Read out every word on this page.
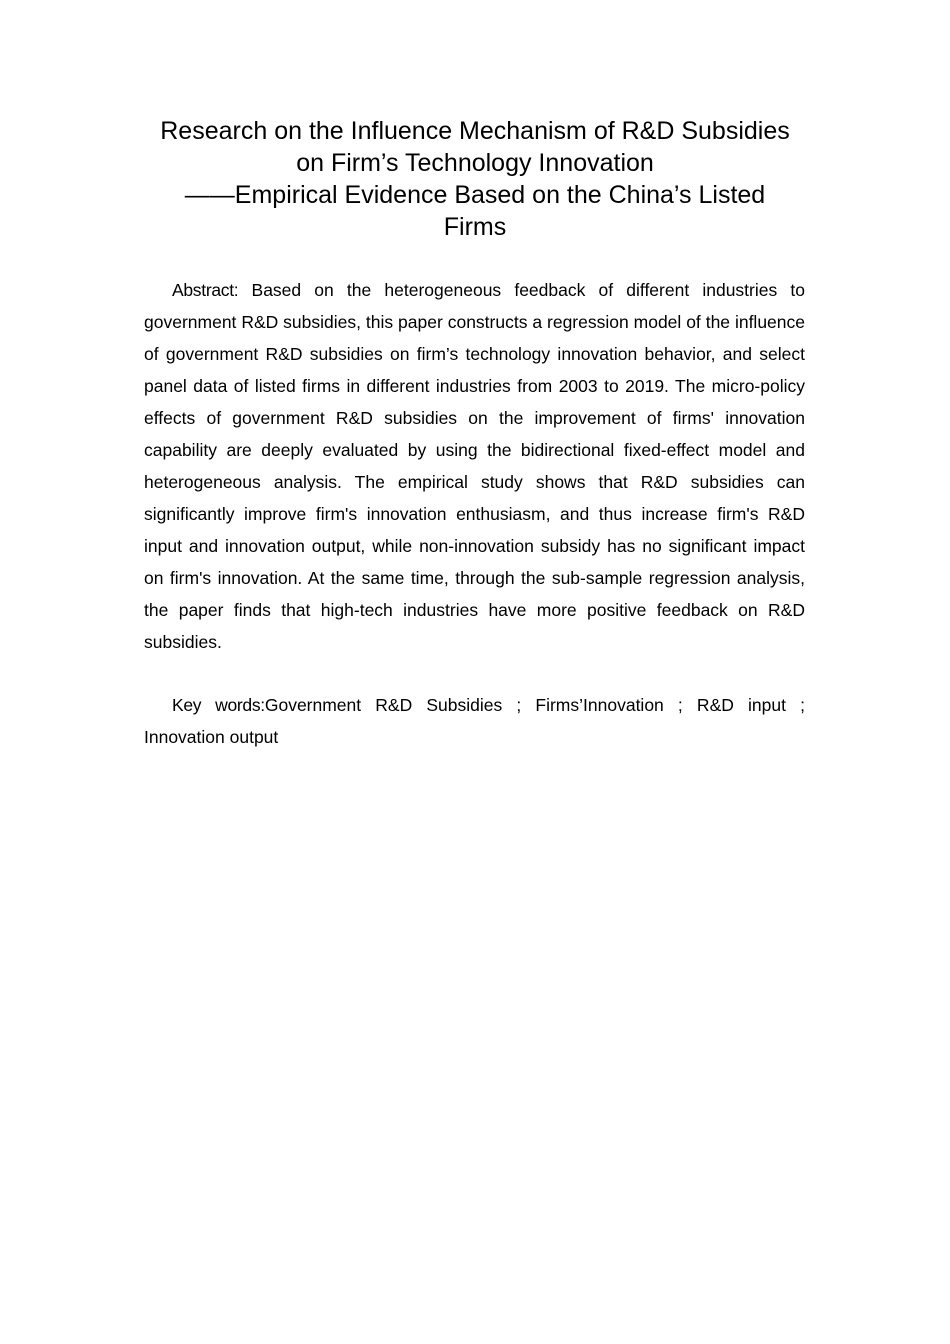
Research on the Influence Mechanism of R&D Subsidies
on Firm’s Technology Innovation
——Empirical Evidence Based on the China’s Listed
Firms

Abstract: Based on the heterogeneous feedback of different industries to government R&D subsidies, this paper constructs a regression model of the influence of government R&D subsidies on firm’s technology innovation behavior, and select panel data of listed firms in different industries from 2003 to 2019. The micro-policy effects of government R&D subsidies on the improvement of firms' innovation capability are deeply evaluated by using the bidirectional fixed-effect model and heterogeneous analysis. The empirical study shows that R&D subsidies can significantly improve firm's innovation enthusiasm, and thus increase firm's R&D input and innovation output, while non-innovation subsidy has no significant impact on firm's innovation. At the same time, through the sub-sample regression analysis, the paper finds that high-tech industries have more positive feedback on R&D subsidies.

Key words:Government R&D Subsidies ; Firms’Innovation ; R&D input ; Innovation output
